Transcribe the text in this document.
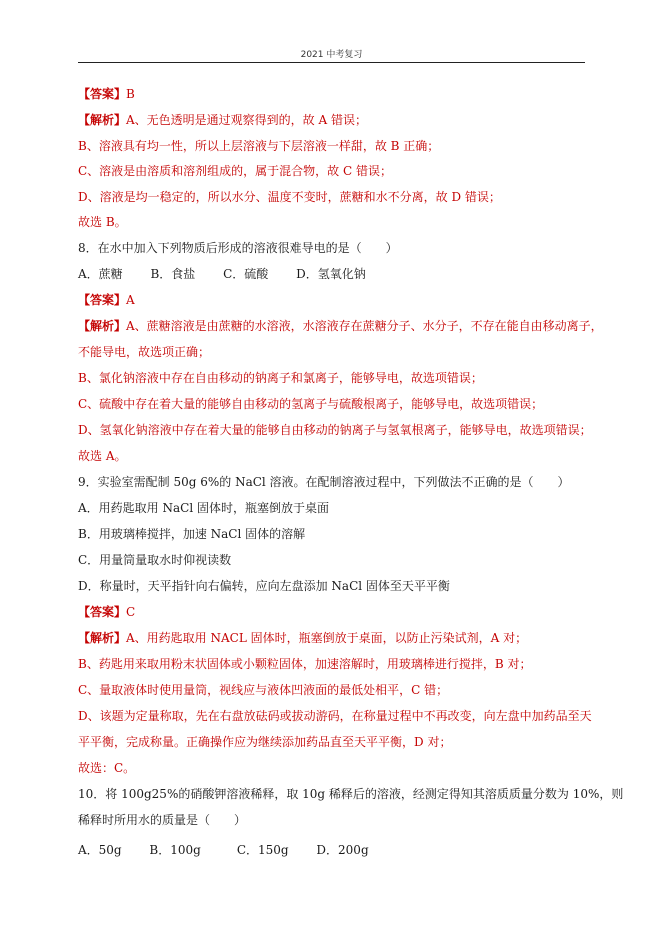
2021 中考复习
【答案】B
【解析】A、无色透明是通过观察得到的，故 A 错误；
B、溶液具有均一性，所以上层溶液与下层溶液一样甜，故 B 正确；
C、溶液是由溶质和溶剂组成的，属于混合物，故 C 错误；
D、溶液是均一稳定的，所以水分、温度不变时，蔗糖和水不分离，故 D 错误；
故选 B。
8．在水中加入下列物质后形成的溶液很难导电的是（　　）
A．蔗糖　　 B．食盐　　 C．硫酸　　 D．氢氧化钠
【答案】A
【解析】A、蔗糖溶液是由蔗糖的水溶液，水溶液存在蔗糖分子、水分子，不存在能自由移动离子，
不能导电，故选项正确；
B、氯化钠溶液中存在自由移动的钠离子和氯离子，能够导电，故选项错误；
C、硫酸中存在着大量的能够自由移动的氢离子与硫酸根离子，能够导电，故选项错误；
D、氢氧化钠溶液中存在着大量的能够自由移动的钠离子与氢氧根离子，能够导电，故选项错误；
故选 A。
9．实验室需配制 50g 6%的 NaCl 溶液。在配制溶液过程中，下列做法不正确的是（　　）
A．用药匙取用 NaCl 固体时，瓶塞倒放于桌面
B．用玻璃棒搅拌，加速 NaCl 固体的溶解
C．用量筒量取水时仰视读数
D．称量时，天平指针向右偏转，应向左盘添加 NaCl 固体至天平平衡
【答案】C
【解析】A、用药匙取用 NACL 固体时，瓶塞倒放于桌面，以防止污染试剂，A 对；
B、药匙用来取用粉末状固体或小颗粒固体，加速溶解时，用玻璃棒进行搅拌，B 对；
C、量取液体时使用量筒，视线应与液体凹液面的最低处相平，C 错；
D、该题为定量称取，先在右盘放砝码或拔动游码，在称量过程中不再改变，向左盘中加药品至天
平平衡，完成称量。正确操作应为继续添加药品直至天平平衡，D 对；
故选：C。
10．将 100g25%的硝酸钾溶液稀释，取 10g 稀释后的溶液，经测定得知其溶质质量分数为 10%，则
稀释时所用水的质量是（　　）
A．50g　　 B．100g　　　C．150g　　 D．200g
